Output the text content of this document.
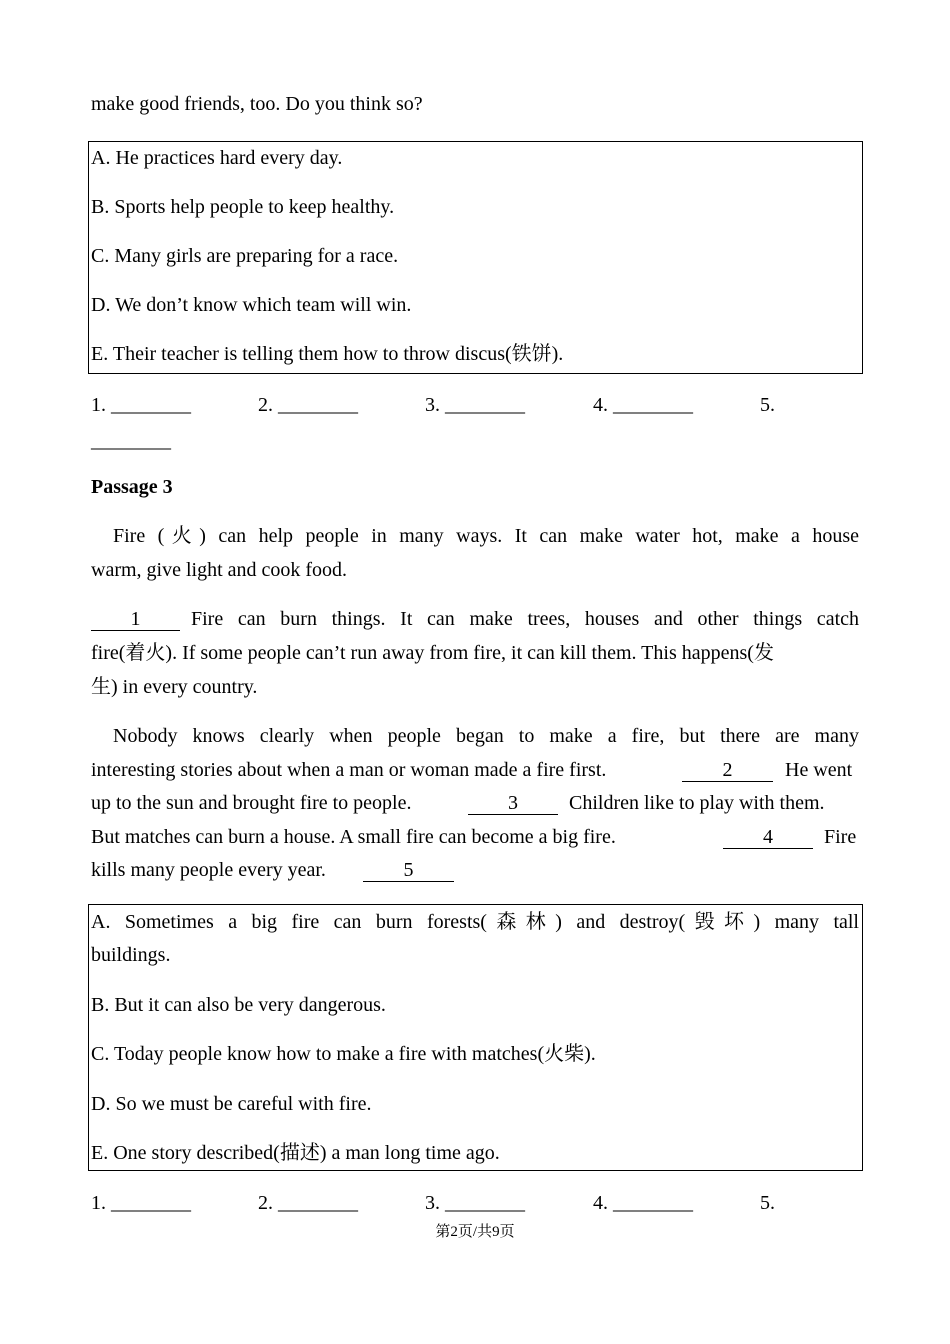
make good friends, too. Do you think so?
A. He practices hard every day.
B. Sports help people to keep healthy.
C. Many girls are preparing for a race.
D. We don’t know which team will win.
E. Their teacher is telling them how to throw discus(铁饼).
1. ________	2. ________	3. ________	4. ________	5.
________
Passage 3
Fire (火) can help people in many ways. It can make water hot, make a house
warm, give light and cook food.
1	Fire can burn things. It can make trees, houses and other things catch
fire(着火). If some people can’t run away from fire, it can kill them. This happens(发
生) in every country.
Nobody knows clearly when people began to make a fire, but there are many
interesting stories about when a man or woman made a fire first.	2	He went
up to the sun and brought fire to people.	3	Children like to play with them.
But matches can burn a house. A small fire can become a big fire.	4	Fire
kills many people every year.	5
A. Sometimes a big fire can burn forests(森林) and destroy(毁坏) many tall
buildings.
B. But it can also be very dangerous.
C. Today people know how to make a fire with matches(火柴).
D. So we must be careful with fire.
E. One story described(描述) a man long time ago.
1. ________	2. ________	3. ________	4. ________	5.
第2页/共9页
